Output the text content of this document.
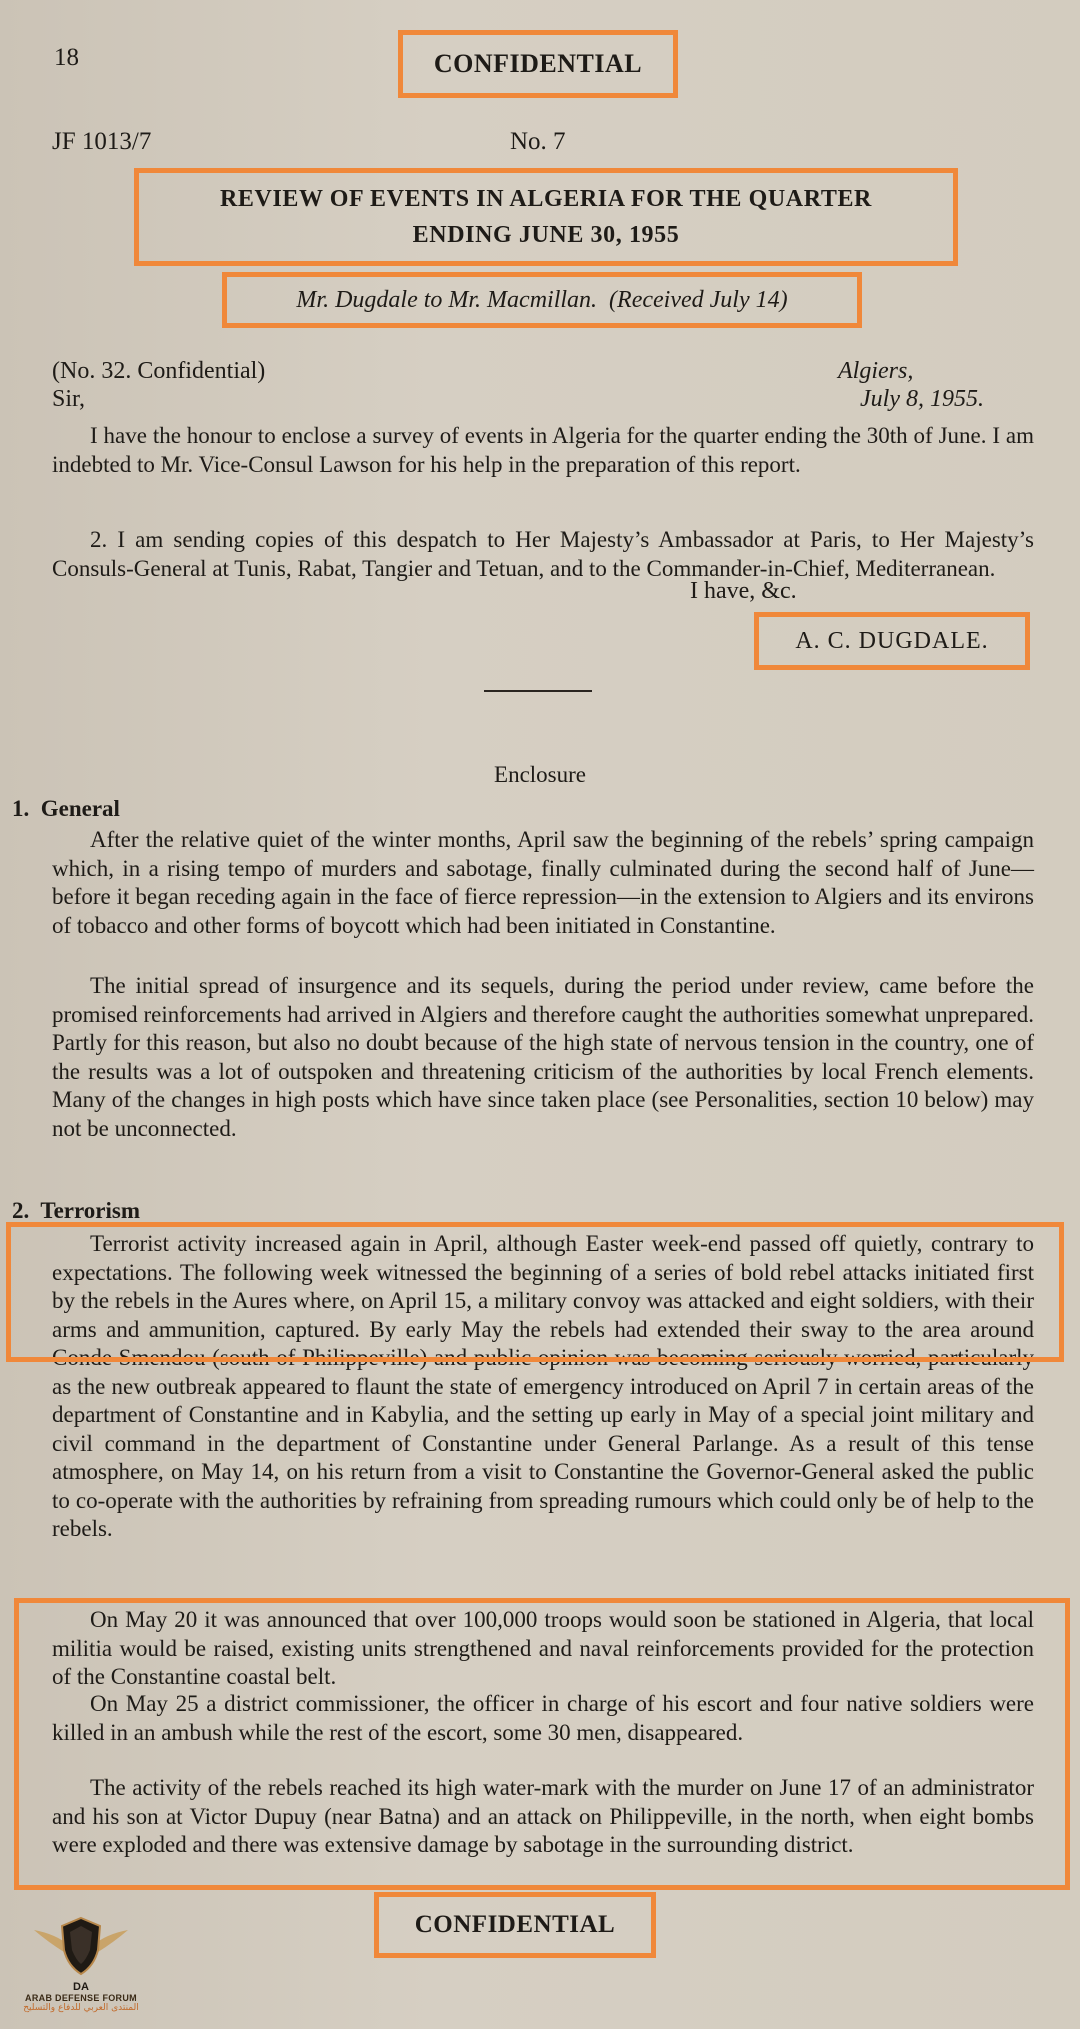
18	CONFIDENTIAL
JF 1013/7	No. 7
REVIEW OF EVENTS IN ALGERIA FOR THE QUARTER
ENDING JUNE 30, 1955
Mr. Dugdale to Mr. Macmillan.  (Received July 14)
(No. 32. Confidential)
Sir,
Algiers,
July 8, 1955.
I have the honour to enclose a survey of events in Algeria for the quarter ending the 30th of June. I am indebted to Mr. Vice-Consul Lawson for his help in the preparation of this report.
2. I am sending copies of this despatch to Her Majesty’s Ambassador at Paris, to Her Majesty’s Consuls-General at Tunis, Rabat, Tangier and Tetuan, and to the Commander-in-Chief, Mediterranean.
I have, &c.
A. C. DUGDALE.
Enclosure
1.  General
After the relative quiet of the winter months, April saw the beginning of the rebels’ spring campaign which, in a rising tempo of murders and sabotage, finally culminated during the second half of June—before it began receding again in the face of fierce repression—in the extension to Algiers and its environs of tobacco and other forms of boycott which had been initiated in Constantine.
The initial spread of insurgence and its sequels, during the period under review, came before the promised reinforcements had arrived in Algiers and therefore caught the authorities somewhat unprepared. Partly for this reason, but also no doubt because of the high state of nervous tension in the country, one of the results was a lot of outspoken and threatening criticism of the authorities by local French elements. Many of the changes in high posts which have since taken place (see Personalities, section 10 below) may not be unconnected.
2.  Terrorism
Terrorist activity increased again in April, although Easter week-end passed off quietly, contrary to expectations. The following week witnessed the beginning of a series of bold rebel attacks initiated first by the rebels in the Aures where, on April 15, a military convoy was attacked and eight soldiers, with their arms and ammunition, captured. By early May the rebels had extended their sway to the area around Conde Smendou (south of Philippeville) and public opinion was becoming seriously worried, particularly as the new outbreak appeared to flaunt the state of emergency introduced on April 7 in certain areas of the department of Constantine and in Kabylia, and the setting up early in May of a special joint military and civil command in the department of Constantine under General Parlange. As a result of this tense atmosphere, on May 14, on his return from a visit to Constantine the Governor-General asked the public to co-operate with the authorities by refraining from spreading rumours which could only be of help to the rebels.
On May 20 it was announced that over 100,000 troops would soon be stationed in Algeria, that local militia would be raised, existing units strengthened and naval reinforcements provided for the protection of the Constantine coastal belt.
On May 25 a district commissioner, the officer in charge of his escort and four native soldiers were killed in an ambush while the rest of the escort, some 30 men, disappeared.
The activity of the rebels reached its high water-mark with the murder on June 17 of an administrator and his son at Victor Dupuy (near Batna) and an attack on Philippeville, in the north, when eight bombs were exploded and there was extensive damage by sabotage in the surrounding district.
CONFIDENTIAL
DA
ARAB DEFENSE FORUM
المنتدى العربي للدفاع والتسليح
